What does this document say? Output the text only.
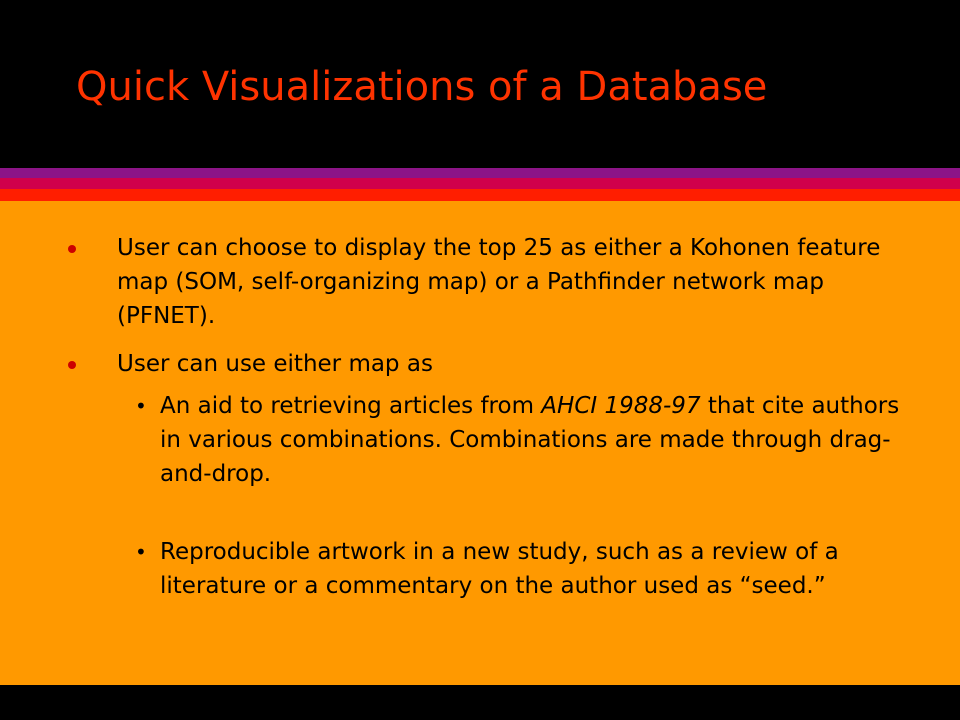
Quick Visualizations of a Database
User can choose to display the top 25 as either a Kohonen feature map (SOM, self-organizing map) or a Pathfinder network map (PFNET).
User can use either map as
• An aid to retrieving articles from AHCI 1988-97 that cite authors in various combinations. Combinations are made through drag-and-drop.
• Reproducible artwork in a new study, such as a review of a literature or a commentary on the author used as “seed.”
